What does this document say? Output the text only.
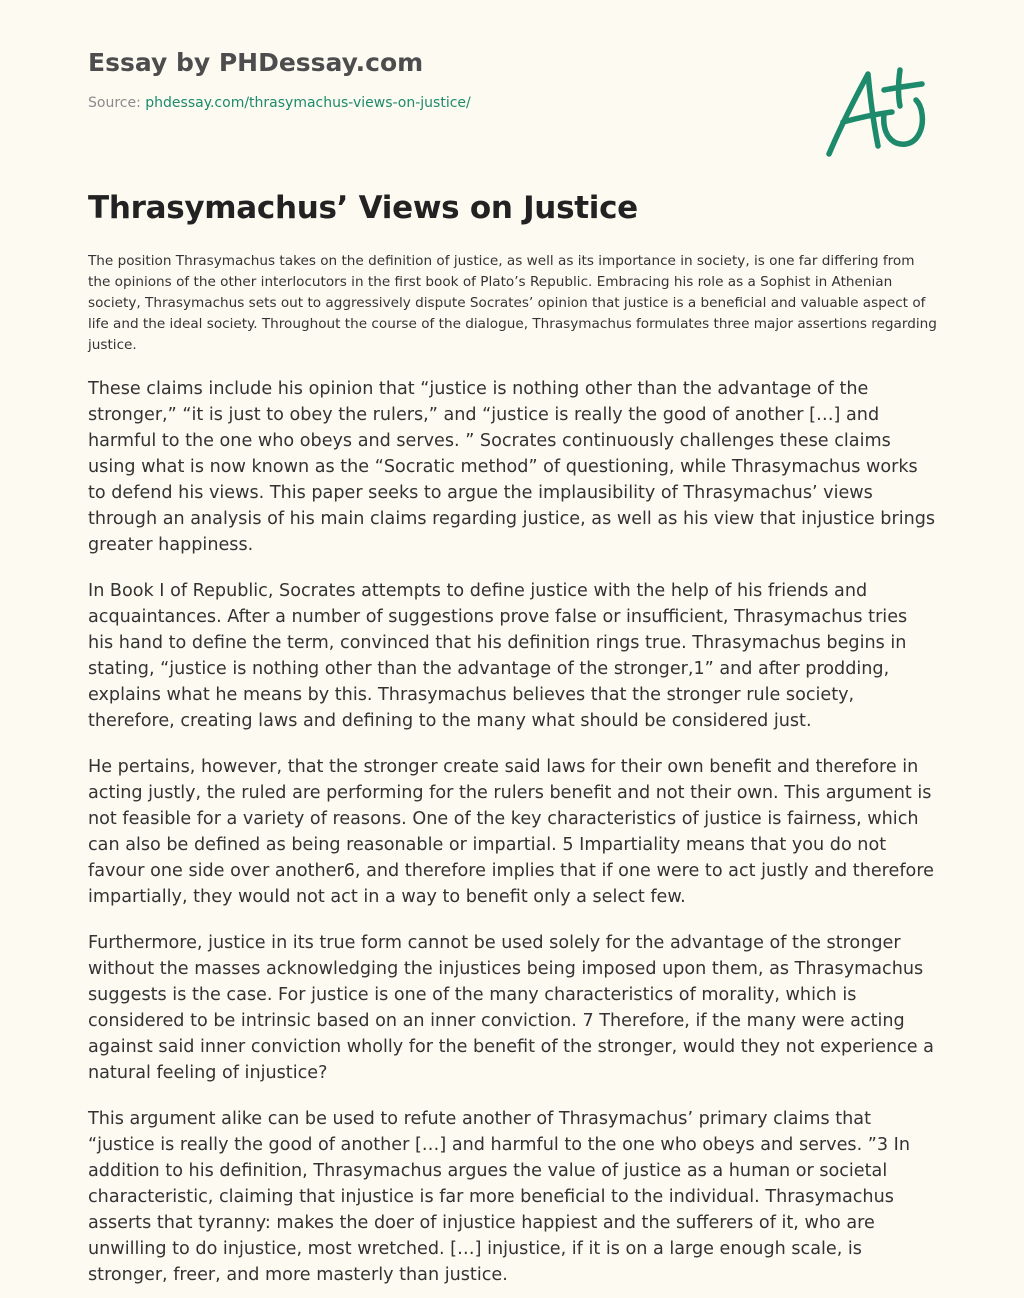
Essay by PHDessay.com
Source: phdessay.com/thrasymachus-views-on-justice/
Thrasymachus’ Views on Justice

The position Thrasymachus takes on the definition of justice, as well as its importance in society, is one far differing from the opinions of the other interlocutors in the first book of Plato’s Republic. Embracing his role as a Sophist in Athenian society, Thrasymachus sets out to aggressively dispute Socrates’ opinion that justice is a beneficial and valuable aspect of life and the ideal society. Throughout the course of the dialogue, Thrasymachus formulates three major assertions regarding justice.

These claims include his opinion that “justice is nothing other than the advantage of the stronger,” “it is just to obey the rulers,” and “justice is really the good of another […] and harmful to the one who obeys and serves. ” Socrates continuously challenges these claims using what is now known as the “Socratic method” of questioning, while Thrasymachus works to defend his views. This paper seeks to argue the implausibility of Thrasymachus’ views through an analysis of his main claims regarding justice, as well as his view that injustice brings greater happiness.

In Book I of Republic, Socrates attempts to define justice with the help of his friends and acquaintances. After a number of suggestions prove false or insufficient, Thrasymachus tries his hand to define the term, convinced that his definition rings true. Thrasymachus begins in stating, “justice is nothing other than the advantage of the stronger,1” and after prodding, explains what he means by this. Thrasymachus believes that the stronger rule society, therefore, creating laws and defining to the many what should be considered just.

He pertains, however, that the stronger create said laws for their own benefit and therefore in acting justly, the ruled are performing for the rulers benefit and not their own. This argument is not feasible for a variety of reasons. One of the key characteristics of justice is fairness, which can also be defined as being reasonable or impartial. 5 Impartiality means that you do not favour one side over another6, and therefore implies that if one were to act justly and therefore impartially, they would not act in a way to benefit only a select few.

Furthermore, justice in its true form cannot be used solely for the advantage of the stronger without the masses acknowledging the injustices being imposed upon them, as Thrasymachus suggests is the case. For justice is one of the many characteristics of morality, which is considered to be intrinsic based on an inner conviction. 7 Therefore, if the many were acting against said inner conviction wholly for the benefit of the stronger, would they not experience a natural feeling of injustice?

This argument alike can be used to refute another of Thrasymachus’ primary claims that “justice is really the good of another […] and harmful to the one who obeys and serves. ”3 In addition to his definition, Thrasymachus argues the value of justice as a human or societal characteristic, claiming that injustice is far more beneficial to the individual. Thrasymachus asserts that tyranny: makes the doer of injustice happiest and the sufferers of it, who are unwilling to do injustice, most wretched. […] injustice, if it is on a large enough scale, is stronger, freer, and more masterly than justice.
